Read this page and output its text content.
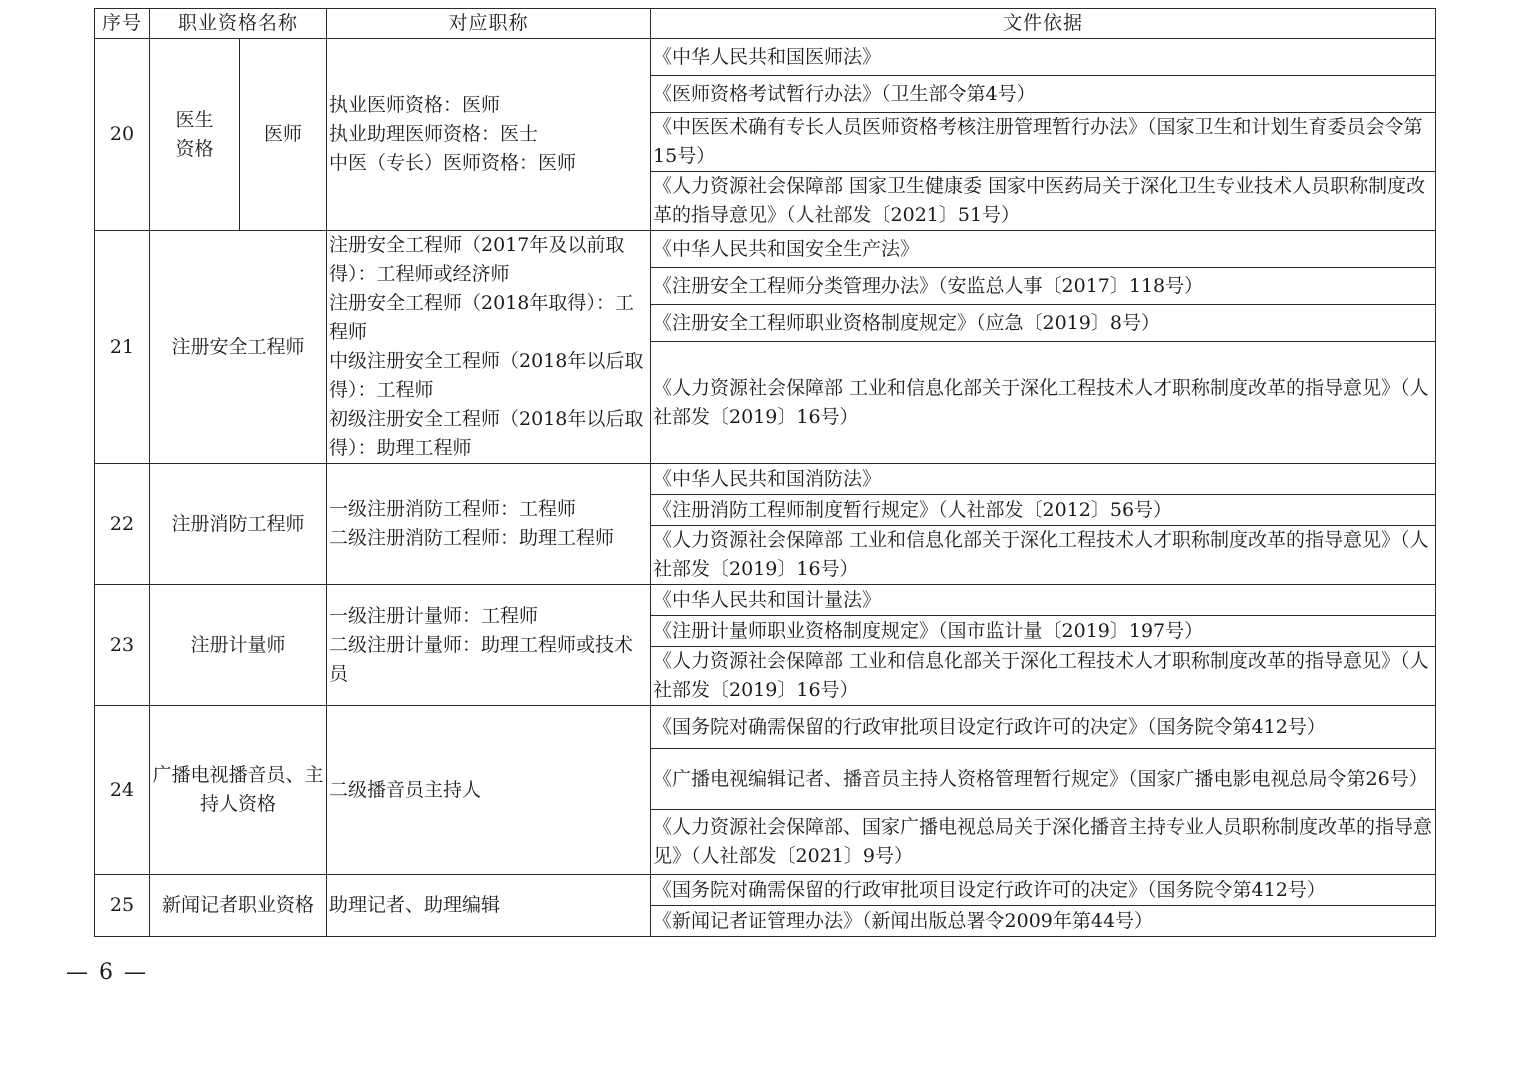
序号	职业资格名称		对应职称	文件依据
20	医生资格	医师	执业医师资格：医师
执业助理医师资格：医士
中医（专长）医师资格：医师	《中华人民共和国医师法》
				《医师资格考试暂行办法》（卫生部令第4号）
				《中医医术确有专长人员医师资格考核注册管理暂行办法》（国家卫生和计划生育委员会令第15号）
				《人力资源社会保障部 国家卫生健康委 国家中医药局关于深化卫生专业技术人员职称制度改革的指导意见》（人社部发〔2021〕51号）
21	注册安全工程师		注册安全工程师（2017年及以前取得）：工程师或经济师
注册安全工程师（2018年取得）：工程师
中级注册安全工程师（2018年以后取得）：工程师
初级注册安全工程师（2018年以后取得）：助理工程师	《中华人民共和国安全生产法》
				《注册安全工程师分类管理办法》（安监总人事〔2017〕118号）
				《注册安全工程师职业资格制度规定》（应急〔2019〕8号）
				《人力资源社会保障部 工业和信息化部关于深化工程技术人才职称制度改革的指导意见》（人社部发〔2019〕16号）
22	注册消防工程师		一级注册消防工程师：工程师
二级注册消防工程师：助理工程师	《中华人民共和国消防法》
				《注册消防工程师制度暂行规定》（人社部发〔2012〕56号）
				《人力资源社会保障部 工业和信息化部关于深化工程技术人才职称制度改革的指导意见》（人社部发〔2019〕16号）
23	注册计量师		一级注册计量师：工程师
二级注册计量师：助理工程师或技术员	《中华人民共和国计量法》
				《注册计量师职业资格制度规定》（国市监计量〔2019〕197号）
				《人力资源社会保障部 工业和信息化部关于深化工程技术人才职称制度改革的指导意见》（人社部发〔2019〕16号）
24	广播电视播音员、主持人资格		二级播音员主持人	《国务院对确需保留的行政审批项目设定行政许可的决定》（国务院令第412号）
				《广播电视编辑记者、播音员主持人资格管理暂行规定》（国家广播电影电视总局令第26号）
				《人力资源社会保障部、国家广播电视总局关于深化播音主持专业人员职称制度改革的指导意见》（人社部发〔2021〕9号）
25	新闻记者职业资格		助理记者、助理编辑	《国务院对确需保留的行政审批项目设定行政许可的决定》（国务院令第412号）
				《新闻记者证管理办法》（新闻出版总署令2009年第44号）
— 6 —
